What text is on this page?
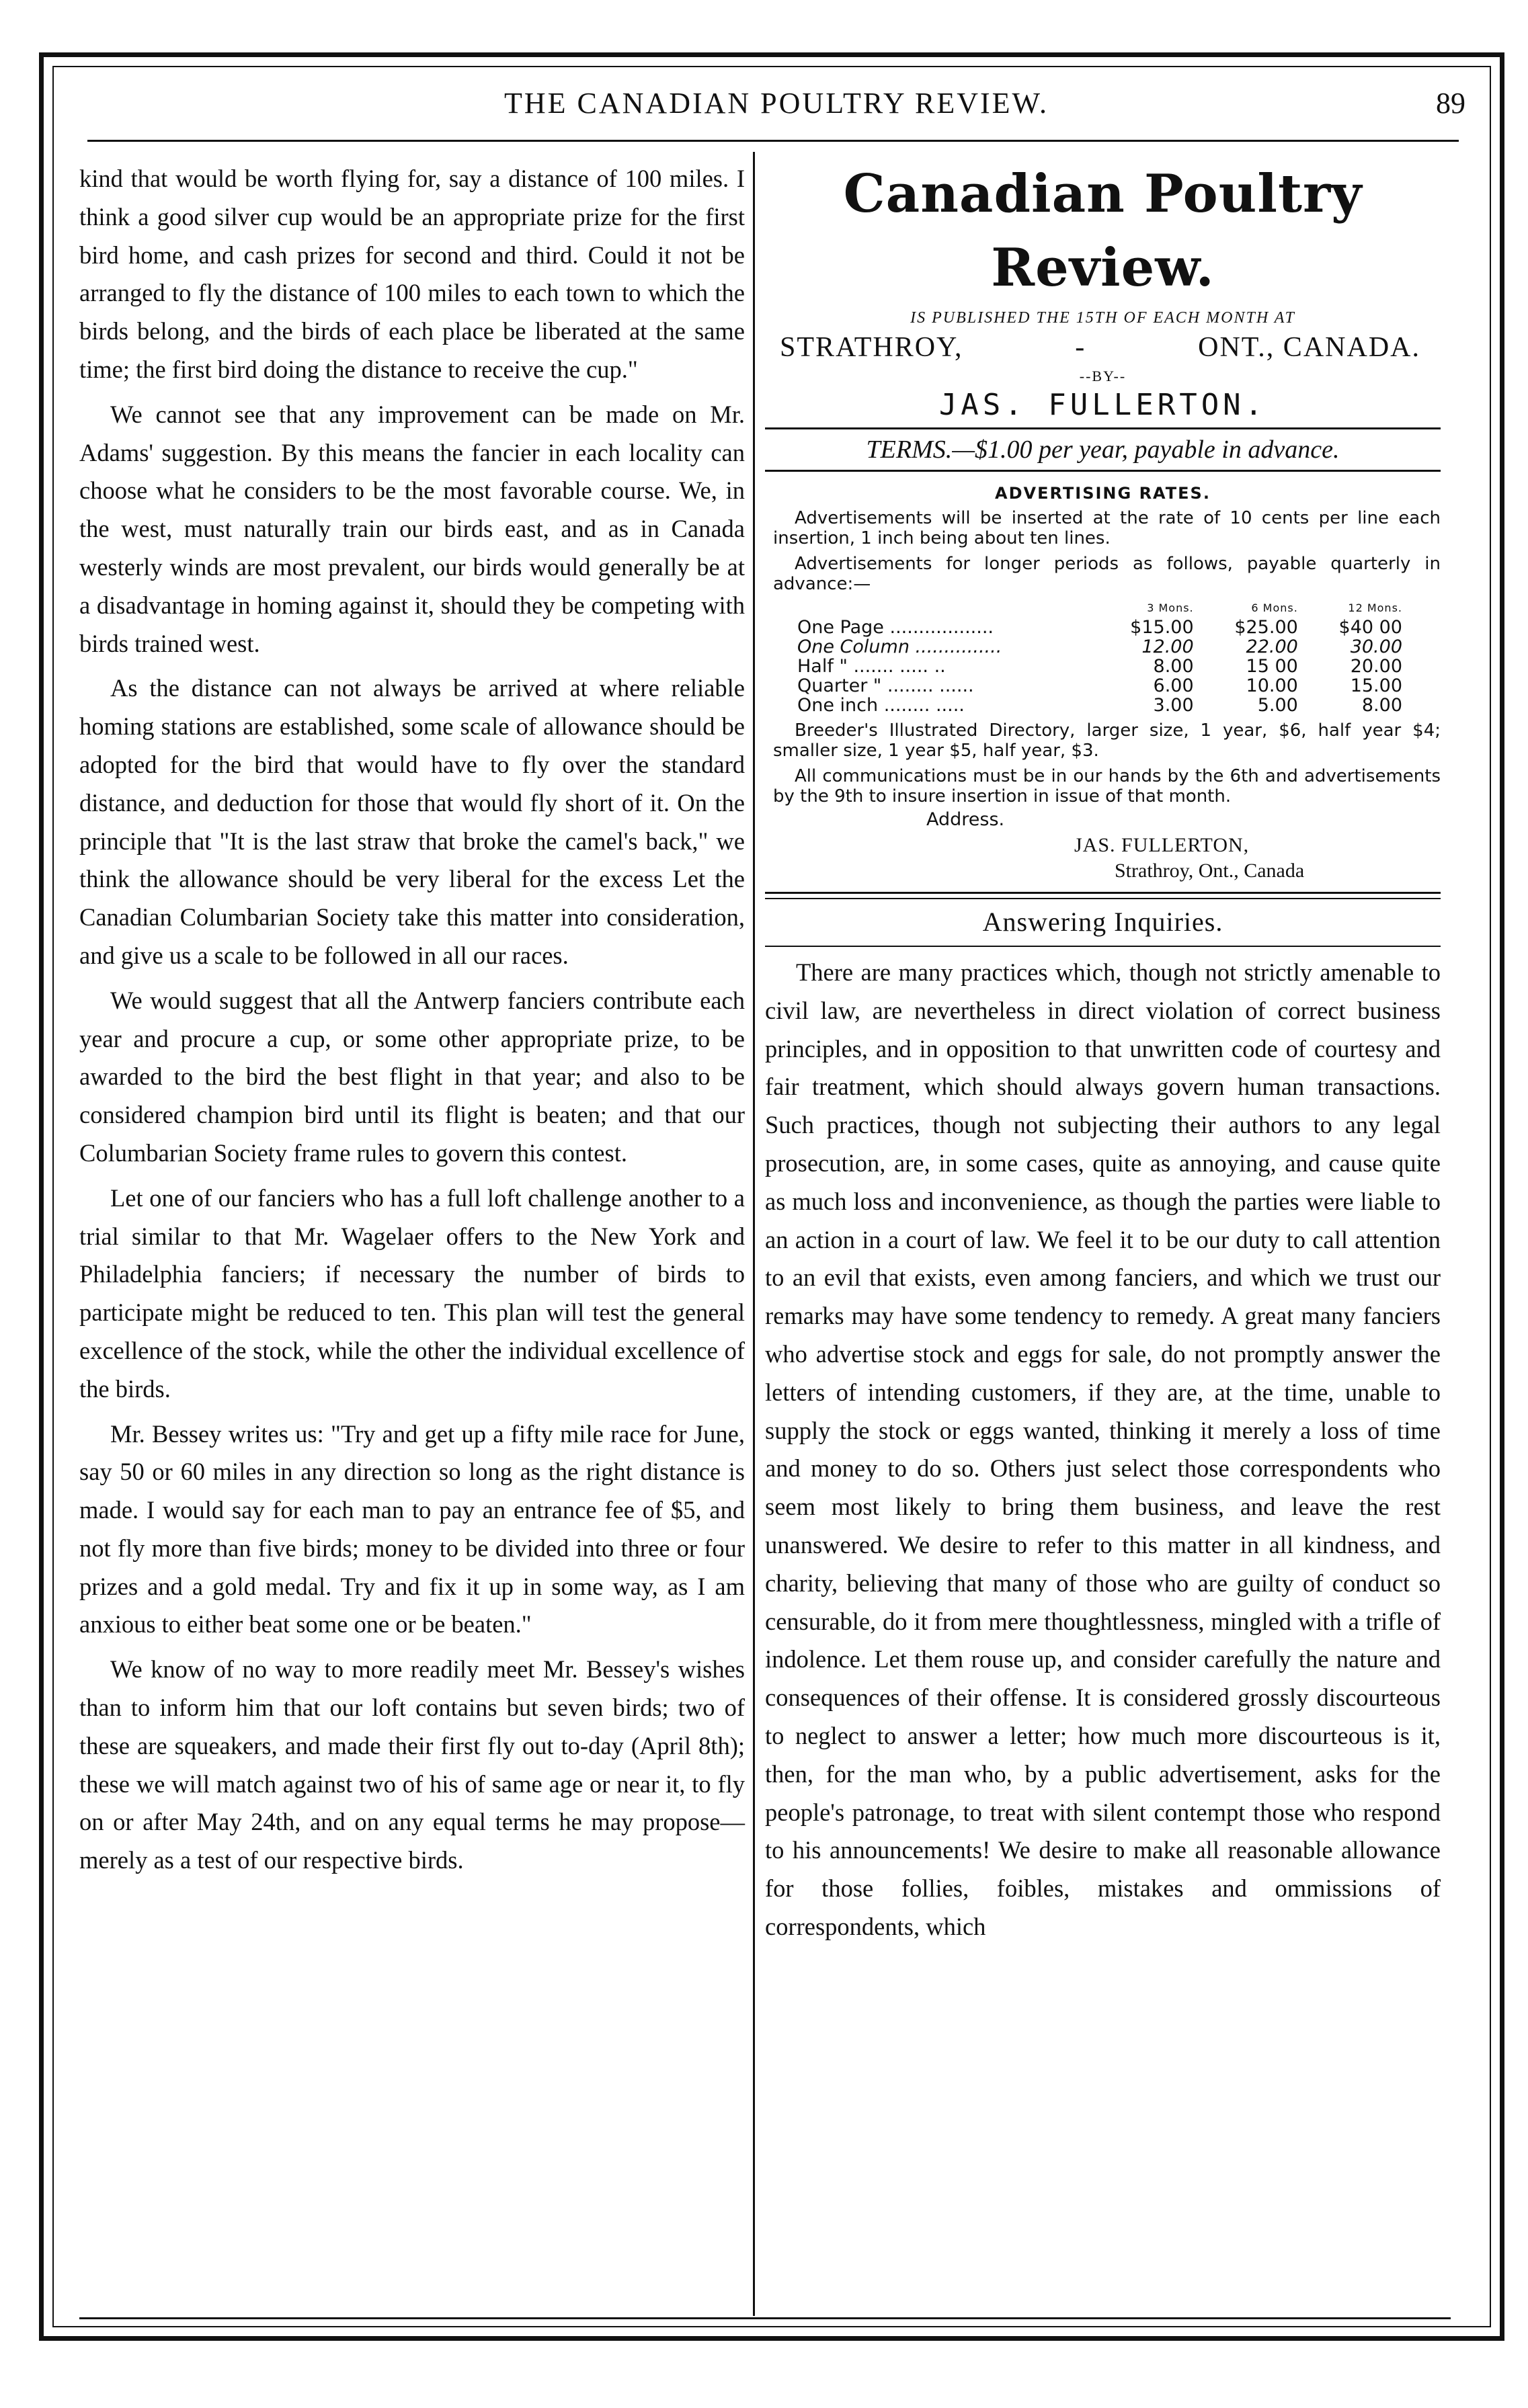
THE CANADIAN POULTRY REVIEW.	89

kind that would be worth flying for, say a distance of 100 miles. I think a good silver cup would be an appropriate prize for the first bird home, and cash prizes for second and third. Could it not be arranged to fly the distance of 100 miles to each town to which the birds belong, and the birds of each place be liberated at the same time; the first bird doing the distance to receive the cup."

We cannot see that any improvement can be made on Mr. Adams' suggestion. By this means the fancier in each locality can choose what he considers to be the most favorable course. We, in the west, must naturally train our birds east, and as in Canada westerly winds are most prevalent, our birds would generally be at a disadvantage in homing against it, should they be competing with birds trained west.

As the distance can not always be arrived at where reliable homing stations are established, some scale of allowance should be adopted for the bird that would have to fly over the standard distance, and deduction for those that would fly short of it. On the principle that "It is the last straw that broke the camel's back," we think the allowance should be very liberal for the excess Let the Canadian Columbarian Society take this matter into consideration, and give us a scale to be followed in all our races.

We would suggest that all the Antwerp fanciers contribute each year and procure a cup, or some other appropriate prize, to be awarded to the bird the best flight in that year; and also to be considered champion bird until its flight is beaten; and that our Columbarian Society frame rules to govern this contest.

Let one of our fanciers who has a full loft challenge another to a trial similar to that Mr. Wagelaer offers to the New York and Philadelphia fanciers; if necessary the number of birds to participate might be reduced to ten. This plan will test the general excellence of the stock, while the other the individual excellence of the birds.

Mr. Bessey writes us: "Try and get up a fifty mile race for June, say 50 or 60 miles in any direction so long as the right distance is made. I would say for each man to pay an entrance fee of $5, and not fly more than five birds; money to be divided into three or four prizes and a gold medal. Try and fix it up in some way, as I am anxious to either beat some one or be beaten."

We know of no way to more readily meet Mr. Bessey's wishes than to inform him that our loft contains but seven birds; two of these are squeakers, and made their first fly out to-day (April 8th); these we will match against two of his of same age or near it, to fly on or after May 24th, and on any equal terms he may propose—merely as a test of our respective birds.

Canadian Poultry Review.
IS PUBLISHED THE 15TH OF EACH MONTH AT
STRATHROY,	-	ONT., CANADA.
--BY--
JAS. FULLERTON.
TERMS.—$1.00 per year, payable in advance.
ADVERTISING RATES.
Advertisements will be inserted at the rate of 10 cents per line each insertion, 1 inch being about ten lines.
Advertisements for longer periods as follows, payable quarterly in advance:—
	3 Mons.	6 Mons.	12 Mons.
One Page ..................	$15.00	$25.00	$40 00
One Column ...............	12.00	22.00	30.00
Half " ....... ..... ..	8.00	15 00	20.00
Quarter " ........ ......	6.00	10.00	15.00
One inch ........ .....	3.00	5.00	8.00
Breeder's Illustrated Directory, larger size, 1 year, $6, half year $4; smaller size, 1 year $5, half year, $3.
All communications must be in our hands by the 6th and advertisements by the 9th to insure insertion in issue of that month.
Address.
JAS. FULLERTON,
Strathroy, Ont., Canada
Answering Inquiries.

There are many practices which, though not strictly amenable to civil law, are nevertheless in direct violation of correct business principles, and in opposition to that unwritten code of courtesy and fair treatment, which should always govern human transactions. Such practices, though not subjecting their authors to any legal prosecution, are, in some cases, quite as annoying, and cause quite as much loss and inconvenience, as though the parties were liable to an action in a court of law. We feel it to be our duty to call attention to an evil that exists, even among fanciers, and which we trust our remarks may have some tendency to remedy. A great many fanciers who advertise stock and eggs for sale, do not promptly answer the letters of intending customers, if they are, at the time, unable to supply the stock or eggs wanted, thinking it merely a loss of time and money to do so. Others just select those correspondents who seem most likely to bring them business, and leave the rest unanswered. We desire to refer to this matter in all kindness, and charity, believing that many of those who are guilty of conduct so censurable, do it from mere thoughtlessness, mingled with a trifle of indolence. Let them rouse up, and consider carefully the nature and consequences of their offense. It is considered grossly discourteous to neglect to answer a letter; how much more discourteous is it, then, for the man who, by a public advertisement, asks for the people's patronage, to treat with silent contempt those who respond to his announcements! We desire to make all reasonable allowance for those follies, foibles, mistakes and ommissions of correspondents, which
